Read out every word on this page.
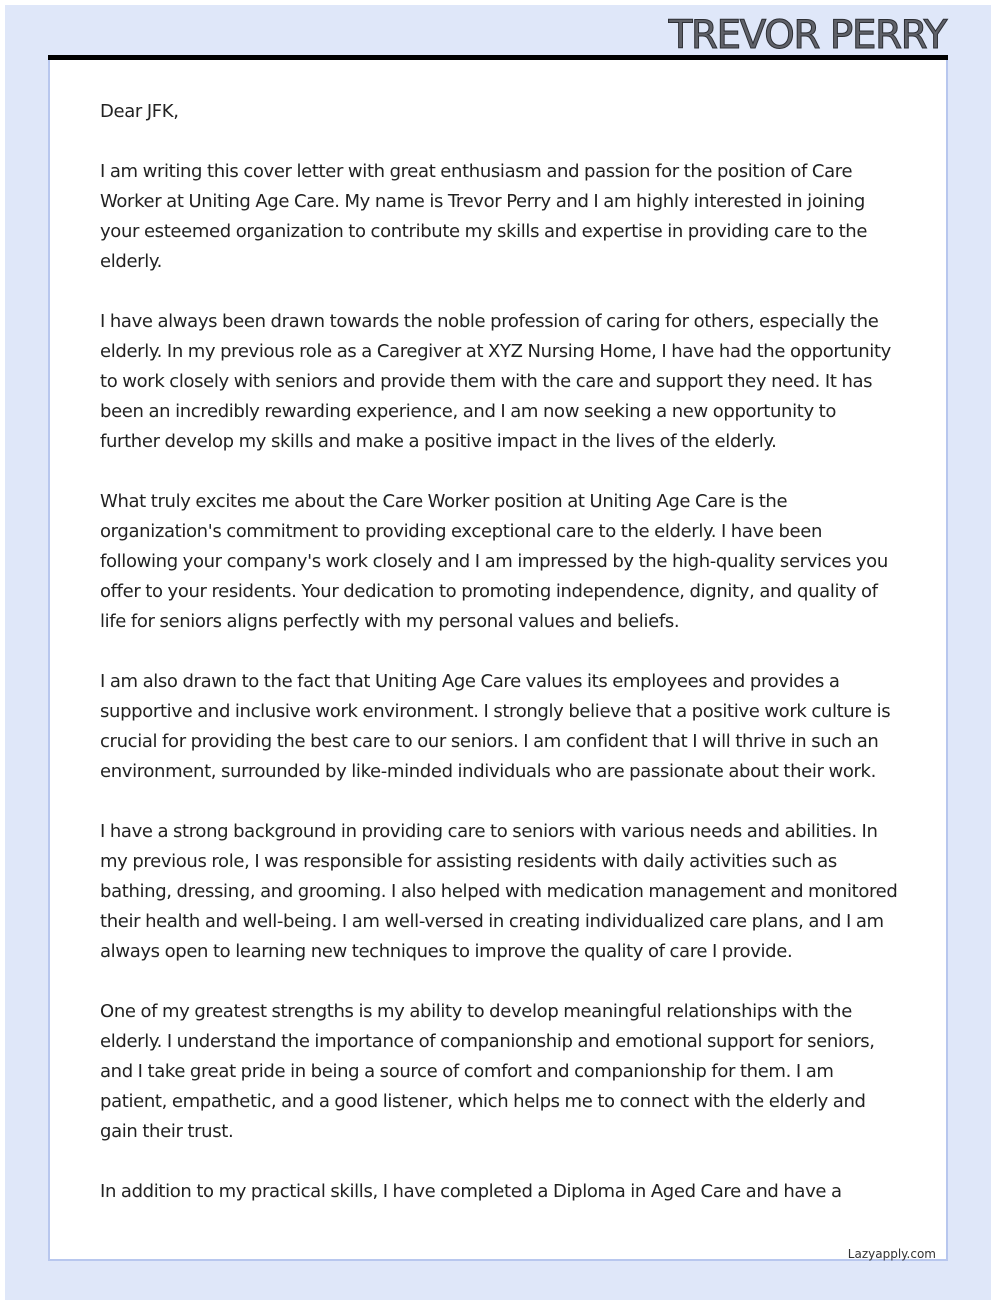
TREVOR PERRY

Dear JFK,

I am writing this cover letter with great enthusiasm and passion for the position of Care Worker at Uniting Age Care. My name is Trevor Perry and I am highly interested in joining your esteemed organization to contribute my skills and expertise in providing care to the elderly.

I have always been drawn towards the noble profession of caring for others, especially the elderly. In my previous role as a Caregiver at XYZ Nursing Home, I have had the opportunity to work closely with seniors and provide them with the care and support they need. It has been an incredibly rewarding experience, and I am now seeking a new opportunity to further develop my skills and make a positive impact in the lives of the elderly.

What truly excites me about the Care Worker position at Uniting Age Care is the organization's commitment to providing exceptional care to the elderly. I have been following your company's work closely and I am impressed by the high-quality services you offer to your residents. Your dedication to promoting independence, dignity, and quality of life for seniors aligns perfectly with my personal values and beliefs.

I am also drawn to the fact that Uniting Age Care values its employees and provides a supportive and inclusive work environment. I strongly believe that a positive work culture is crucial for providing the best care to our seniors. I am confident that I will thrive in such an environment, surrounded by like-minded individuals who are passionate about their work.

I have a strong background in providing care to seniors with various needs and abilities. In my previous role, I was responsible for assisting residents with daily activities such as bathing, dressing, and grooming. I also helped with medication management and monitored their health and well-being. I am well-versed in creating individualized care plans, and I am always open to learning new techniques to improve the quality of care I provide.

One of my greatest strengths is my ability to develop meaningful relationships with the elderly. I understand the importance of companionship and emotional support for seniors, and I take great pride in being a source of comfort and companionship for them. I am patient, empathetic, and a good listener, which helps me to connect with the elderly and gain their trust.

In addition to my practical skills, I have completed a Diploma in Aged Care and have a

Lazyapply.com
